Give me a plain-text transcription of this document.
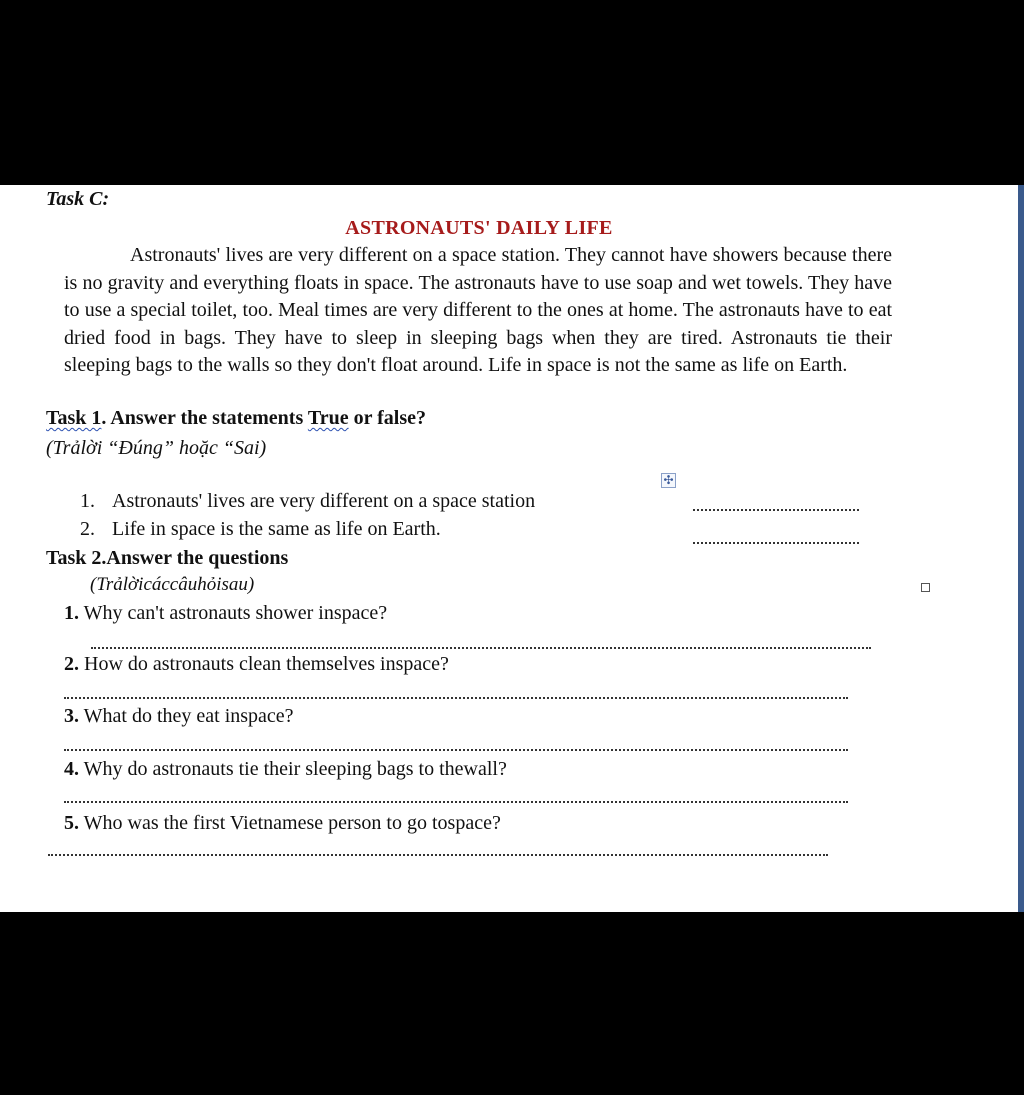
Task C:
ASTRONAUTS' DAILY LIFE
Astronauts' lives are very different on a space station. They cannot have showers because there is no gravity and everything floats in space. The astronauts have to use soap and wet towels. They have to use a special toilet, too. Meal times are very different to the ones at home. The astronauts have to eat dried food in bags. They have to sleep in sleeping bags when they are tired. Astronauts tie their sleeping bags to the walls so they don't float around. Life in space is not the same as life on Earth.
Task 1. Answer the statements True or false?
(Trảlời “Đúng” hoặc “Sai)
✣
1. Astronauts' lives are very different on a space station
2. Life in space is the same as life on Earth.
Task 2.Answer the questions
(Trảlờicáccâuhỏisau)
1. Why can't astronauts shower inspace?
2. How do astronauts clean themselves inspace?
3. What do they eat inspace?
4. Why do astronauts tie their sleeping bags to thewall?
5. Who was the first Vietnamese person to go tospace?
